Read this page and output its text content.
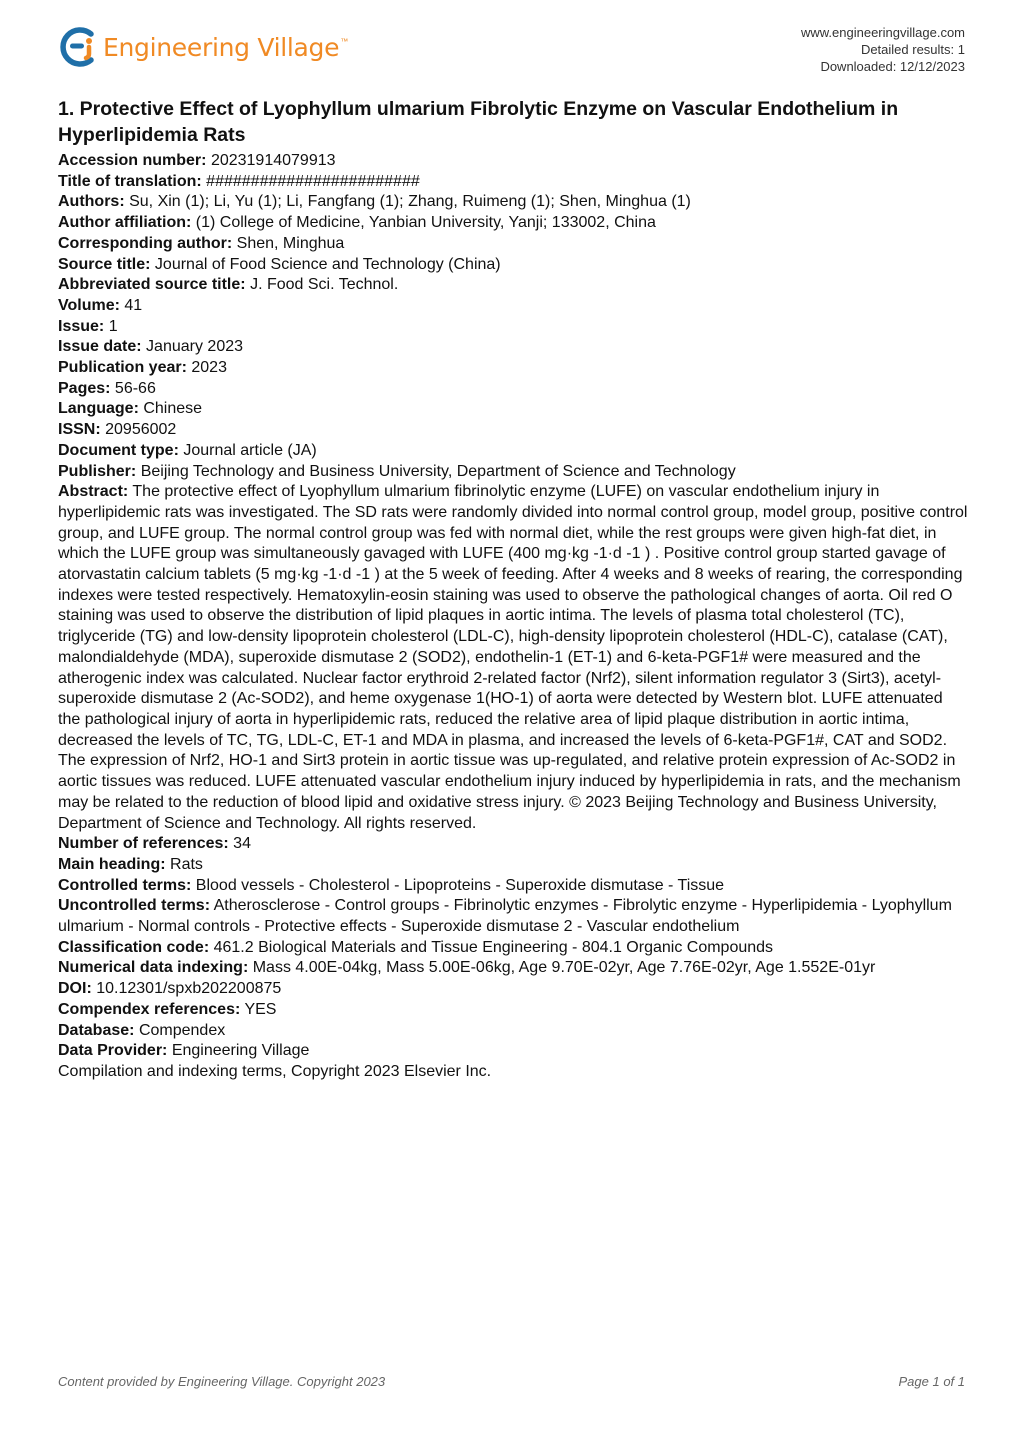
Engineering Village ™
www.engineeringvillage.com
Detailed results: 1
Downloaded: 12/12/2023
1. Protective Effect of Lyophyllum ulmarium Fibrolytic Enzyme on Vascular Endothelium in Hyperlipidemia Rats

Accession number: 20231914079913

Title of translation: ########################

Authors: Su, Xin (1); Li, Yu (1); Li, Fangfang (1); Zhang, Ruimeng (1); Shen, Minghua (1)

Author affiliation: (1) College of Medicine, Yanbian University, Yanji; 133002, China

Corresponding author: Shen, Minghua

Source title: Journal of Food Science and Technology (China)

Abbreviated source title: J. Food Sci. Technol.

Volume: 41

Issue: 1

Issue date: January 2023

Publication year: 2023

Pages: 56-66

Language: Chinese

ISSN: 20956002

Document type: Journal article (JA)

Publisher: Beijing Technology and Business University, Department of Science and Technology

Abstract: The protective effect of Lyophyllum ulmarium fibrinolytic enzyme (LUFE) on vascular endothelium injury in hyperlipidemic rats was investigated. The SD rats were randomly divided into normal control group, model group, positive control group, and LUFE group. The normal control group was fed with normal diet, while the rest groups were given high-fat diet, in which the LUFE group was simultaneously gavaged with LUFE (400 mg·kg -1·d -1 ) . Positive control group started gavage of atorvastatin calcium tablets (5 mg·kg -1·d -1 ) at the 5 week of feeding. After 4 weeks and 8 weeks of rearing, the corresponding indexes were tested respectively. Hematoxylin-eosin staining was used to observe the pathological changes of aorta. Oil red O staining was used to observe the distribution of lipid plaques in aortic intima. The levels of plasma total cholesterol (TC), triglyceride (TG) and low-density lipoprotein cholesterol (LDL-C), high-density lipoprotein cholesterol (HDL-C), catalase (CAT), malondialdehyde (MDA), superoxide dismutase 2 (SOD2), endothelin-1 (ET-1) and 6-keta-PGF1# were measured and the atherogenic index was calculated. Nuclear factor erythroid 2-related factor (Nrf2), silent information regulator 3 (Sirt3), acetyl-superoxide dismutase 2 (Ac-SOD2), and heme oxygenase 1(HO-1) of aorta were detected by Western blot. LUFE attenuated the pathological injury of aorta in hyperlipidemic rats, reduced the relative area of lipid plaque distribution in aortic intima, decreased the levels of TC, TG, LDL-C, ET-1 and MDA in plasma, and increased the levels of 6-keta-PGF1#, CAT and SOD2. The expression of Nrf2, HO-1 and Sirt3 protein in aortic tissue was up-regulated, and relative protein expression of Ac-SOD2 in aortic tissues was reduced. LUFE attenuated vascular endothelium injury induced by hyperlipidemia in rats, and the mechanism may be related to the reduction of blood lipid and oxidative stress injury. © 2023 Beijing Technology and Business University, Department of Science and Technology. All rights reserved.

Number of references: 34

Main heading: Rats

Controlled terms: Blood vessels - Cholesterol - Lipoproteins - Superoxide dismutase - Tissue

Uncontrolled terms: Atherosclerose - Control groups - Fibrinolytic enzymes - Fibrolytic enzyme - Hyperlipidemia - Lyophyllum ulmarium - Normal controls - Protective effects - Superoxide dismutase 2 - Vascular endothelium

Classification code: 461.2 Biological Materials and Tissue Engineering - 804.1 Organic Compounds

Numerical data indexing: Mass 4.00E-04kg, Mass 5.00E-06kg, Age 9.70E-02yr, Age 7.76E-02yr, Age 1.552E-01yr

DOI: 10.12301/spxb202200875

Compendex references: YES

Database: Compendex

Data Provider: Engineering Village

Compilation and indexing terms, Copyright 2023 Elsevier Inc.

Content provided by Engineering Village. Copyright 2023	Page 1 of 1
